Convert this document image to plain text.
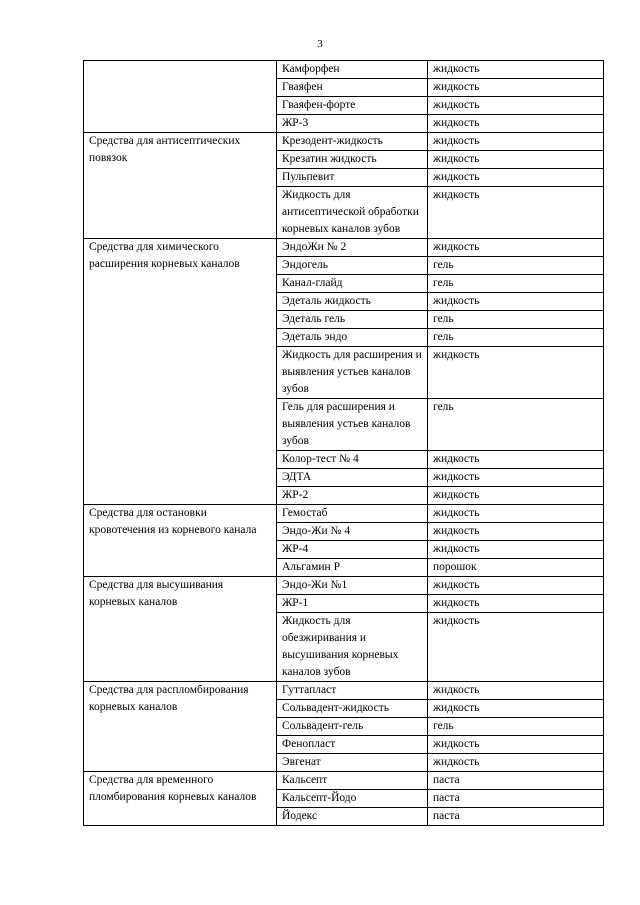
3
	Камфорфен	жидкость
	Гваяфен	жидкость
	Гваяфен-форте	жидкость
	ЖР-3	жидкость
Средства для антисептических повязок	Крезодент-жидкость	жидкость
	Крезатин жидкость	жидкость
	Пульпевит	жидкость
	Жидкость для антисептической обработки корневых каналов зубов	жидкость
Средства для химического расширения корневых каналов	ЭндоЖи № 2	жидкость
	Эндогель	гель
	Канал-глайд	гель
	Эдеталь жидкость	жидкость
	Эдеталь гель	гель
	Эдеталь эндо	гель
	Жидкость для расширения и выявления устьев каналов зубов	жидкость
	Гель для расширения и выявления устьев каналов зубов	гель
	Колор-тест № 4	жидкость
	ЭДТА	жидкость
	ЖР-2	жидкость
Средства для остановки кровотечения из корневого канала	Гемостаб	жидкость
	Эндо-Жи № 4	жидкость
	ЖР-4	жидкость
	Альгамин Р	порошок
Средства для высушивания корневых каналов	Эндо-Жи №1	жидкость
	ЖР-1	жидкость
	Жидкость для обезжиривания и высушивания корневых каналов зубов	жидкость
Средства для распломбирования корневых каналов	Гуттапласт	жидкость
	Сольвадент-жидкость	жидкость
	Сольвадент-гель	гель
	Фенопласт	жидкость
	Эвгенат	жидкость
Средства для временного пломбирования корневых каналов	Кальсепт	паста
	Кальсепт-Йодо	паста
	Йодекс	паста
